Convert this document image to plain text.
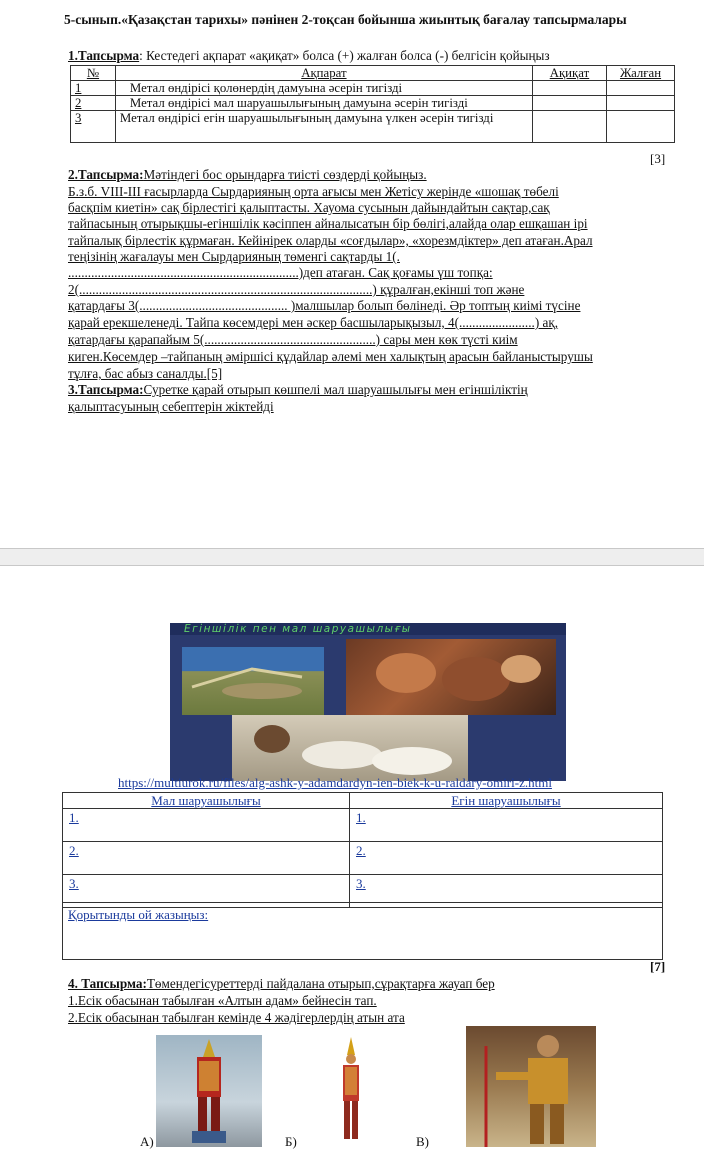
5-сынып.«Қазақстан тарихы» пәнінен 2-тоқсан бойынша жиынтық бағалау тапсырмалары
1.Тапсырма: Кестедегі ақпарат «ақиқат» болса (+) жалған болса (-) белгісін қойыңыз
№	Ақпарат	Ақиқат	Жалған
1	Метал өндірісі қолөнердің дамуына әсерін тигізді		
2	Метал өндірісі мал шаруашылығының дамуына әсерін тигізді		
3	Метал өндірісі егін шаруашылығының дамуына үлкен әсерін тигізді		
[3]
2.Тапсырма:Мәтіндегі бос орындарға тиісті сөздерді қойыңыз.
Б.з.б. VIII-III ғасырларда Сырдарияның орта ағысы мен Жетісу жерінде «шошақ төбелі
басқпім киетін» сақ бірлестігі қалыптасты. Хауома сусынын дайындайтын сақтар,сақ
тайпасының отырықшы-егіншілік кәсіппен айналысатын бір бөлігі,алайда олар ешқашан ірі
тайпалық бірлестік құрмаған. Кейінірек оларды «соғдылар», «хорезмдіктер» деп атаған.Арал
теңізінің жағалауы мен Сырдарияның төменгі сақтарды 1(.
......................................................................)деп атаған. Сақ қоғамы үш топқа:
2(.........................................................................................) құралған,екінші топ және
қатардағы 3(............................................. )малшылар болып бөлінеді. Әр топтың киімі түсіне
қарай ерекшеленеді. Тайпа көсемдері мен әскер басшыларықызыл, 4(.......................) ақ,
қатардағы қарапайым 5(....................................................) сары мен көк түсті киім
киген.Көсемдер –тайпаның әміршісі құдайлар әлемі мен халықтың арасын байланыстырушы
тұлға, бас абыз саналды.[5]
3.Тапсырма:Суретке қарай отырып көшпелі мал шаруашылығы мен егіншіліктің
қалыптасуының себептерін жіктейді
Егіншілік пен мал шаруашылығы
https://multiurok.ru/files/alg-ashk-y-adamdardyn-ien-biek-k-u-raldary-omiri-z.html
Мал шаруашылығы	Егін шаруашылығы
1.	1.
2.	2.
3.	3.
Қорытынды ой жазыңыз:
[7]
4. Тапсырма:Төмендегісуреттерді пайдалана отырып,сұрақтарға жауап бер
1.Есік обасынан табылған «Алтын адам» бейнесін тап.
2.Есік обасынан табылған кемінде 4 жәдігерлердің атын ата
А)	Б)	В)
